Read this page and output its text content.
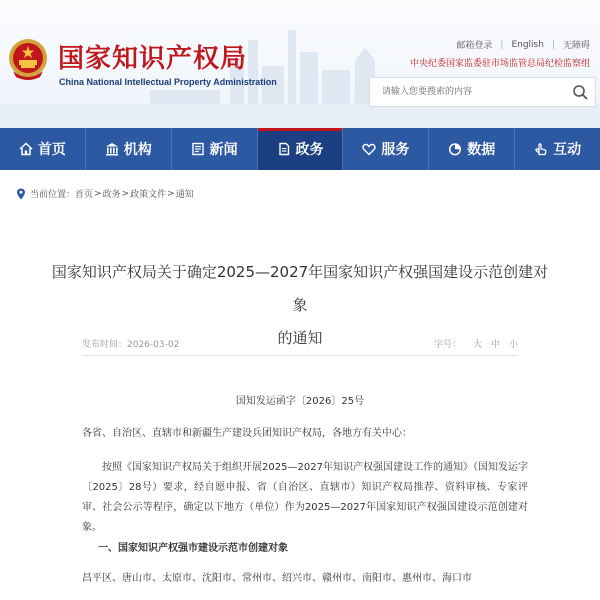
国家知识产权局
China National Intellectual Property Administration
邮箱登录 | English | 无障碍
中央纪委国家监委驻市场监管总局纪检监察组
请输入您要搜索的内容
首页	机构	新闻	政务	服务	数据	互动
当前位置： 首页 > 政务 > 政策文件 > 通知
国家知识产权局关于确定2025—2027年国家知识产权强国建设示范创建对象
的通知
发布时间：2026-03-02	字号： 大 中 小
国知发运函字〔2026〕25号
各省、自治区、直辖市和新疆生产建设兵团知识产权局，各地方有关中心：
按照《国家知识产权局关于组织开展2025—2027年知识产权强国建设工作的通知》（国知发运字〔2025〕28号）要求，经自愿申报、省（自治区、直辖市）知识产权局推荐、资料审核、专家评审、社会公示等程序，确定以下地方（单位）作为2025—2027年国家知识产权强国建设示范创建对象。
一、国家知识产权强市建设示范市创建对象
昌平区、唐山市、太原市、沈阳市、常州市、绍兴市、赣州市、南阳市、惠州市、海口市
